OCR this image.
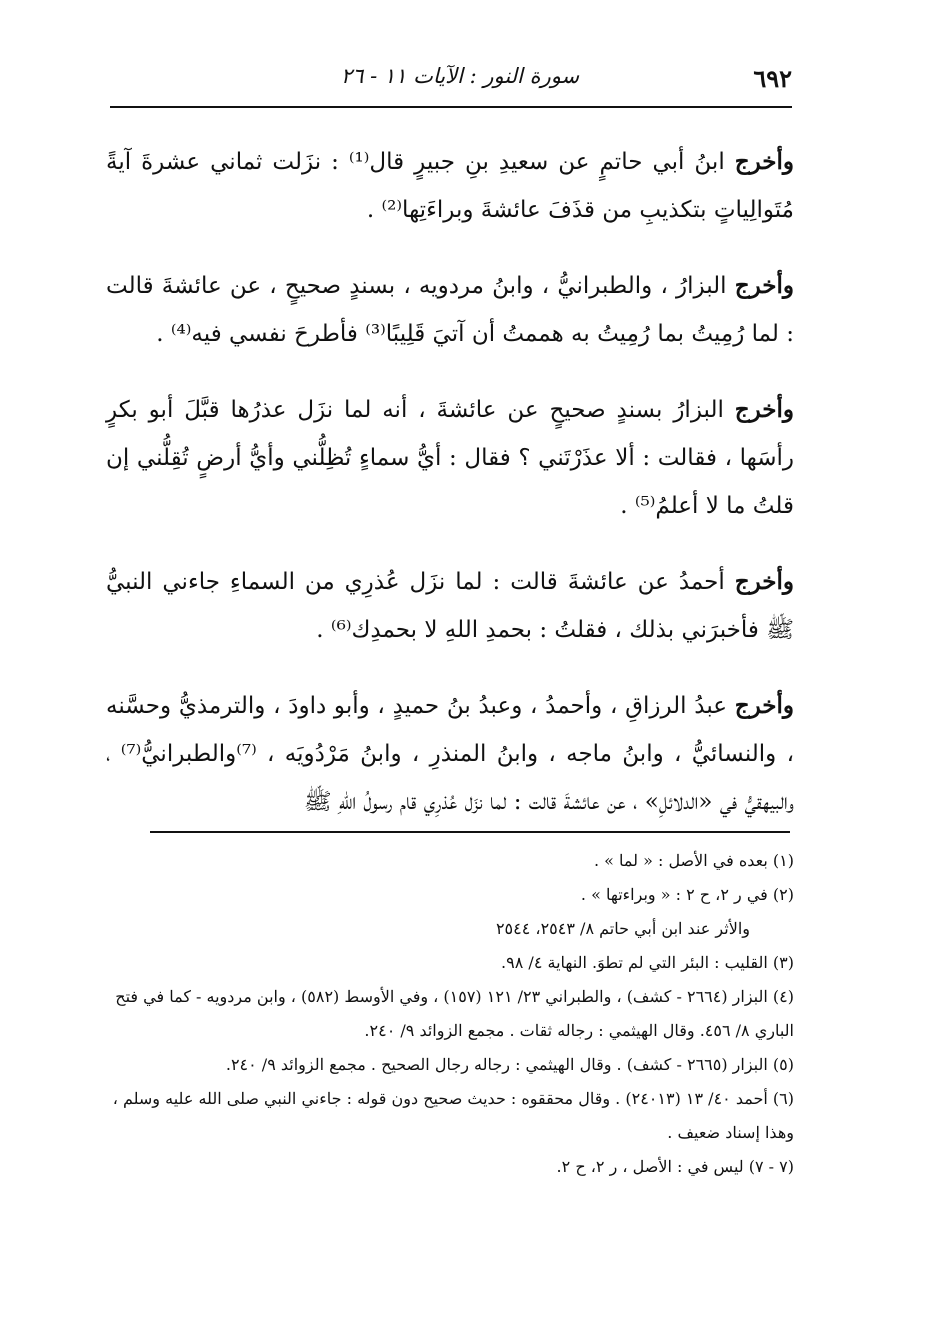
٦٩٢
سورة النور : الآيات ١١ - ٢٦

وأخرج ابنُ أبي حاتمٍ عن سعيدِ بنِ جبيرٍ قال⁽¹⁾ : نزَلت ثماني عشرةَ آيةً مُتَوالِياتٍ بتكذيبِ من قذَفَ عائشةَ وبراءَتِها⁽²⁾ .

وأخرج البزارُ ، والطبرانيُّ ، وابنُ مردويه ، بسندٍ صحيحٍ ، عن عائشةَ قالت : لما رُمِيتُ بما رُمِيتُ به هممتُ أن آتيَ قَلِيبًا⁽³⁾ فأطرحَ نفسي فيه⁽⁴⁾ .

وأخرج البزارُ بسندٍ صحيحٍ عن عائشةَ ، أنه لما نزَل عذرُها قبَّلَ أبو بكرٍ رأسَها ، فقالت : ألا عذَرْتَني ؟ فقال : أيُّ سماءٍ تُظِلُّني وأيُّ أرضٍ تُقِلُّني إن قلتُ ما لا أعلمُ⁽⁵⁾ .

وأخرج أحمدُ عن عائشةَ قالت : لما نزَل عُذرِي من السماءِ جاءني النبيُّ ﷺ فأخبرَني بذلك ، فقلتُ : بحمدِ اللهِ لا بحمدِك⁽⁶⁾ .

وأخرج عبدُ الرزاقِ ، وأحمدُ ، وعبدُ بنُ حميدٍ ، وأبو داودَ ، والترمذيُّ وحسَّنه ، والنسائيُّ ، وابنُ ماجه ، وابنُ المنذرِ ، وابنُ مَرْدُويَه ، ⁽⁷⁾والطبرانيُّ⁽⁷⁾ ، والبيهقيُّ في «الدلائلِ» ، عن عائشةَ قالت : لما نزَل عُذرِي قام رسولُ اللهِ ﷺ

(١) بعده في الأصل : « لما » .

(٢) في ر ٢، ح ٢ : « وبراءتها » .

والأثر عند ابن أبي حاتم ٨/ ٢٥٤٣، ٢٥٤٤

(٣) القليب : البئر التي لم تطوَ. النهاية ٤/ ٩٨.

(٤) البزار (٢٦٦٤ - كشف) ، والطبراني ٢٣/ ١٢١ (١٥٧) ، وفي الأوسط (٥٨٢) ، وابن مردويه - كما في فتح الباري ٨/ ٤٥٦. وقال الهيثمي : رجاله ثقات . مجمع الزوائد ٩/ ٢٤٠.

(٥) البزار (٢٦٦٥ - كشف) . وقال الهيثمي : رجاله رجال الصحيح . مجمع الزوائد ٩/ ٢٤٠.

(٦) أحمد ٤٠/ ١٣ (٢٤٠١٣) . وقال محققوه : حديث صحيح دون قوله : جاءني النبي صلى الله عليه وسلم ، وهذا إسناد ضعيف .

(٧ - ٧) ليس في : الأصل ، ر ٢، ح ٢.
